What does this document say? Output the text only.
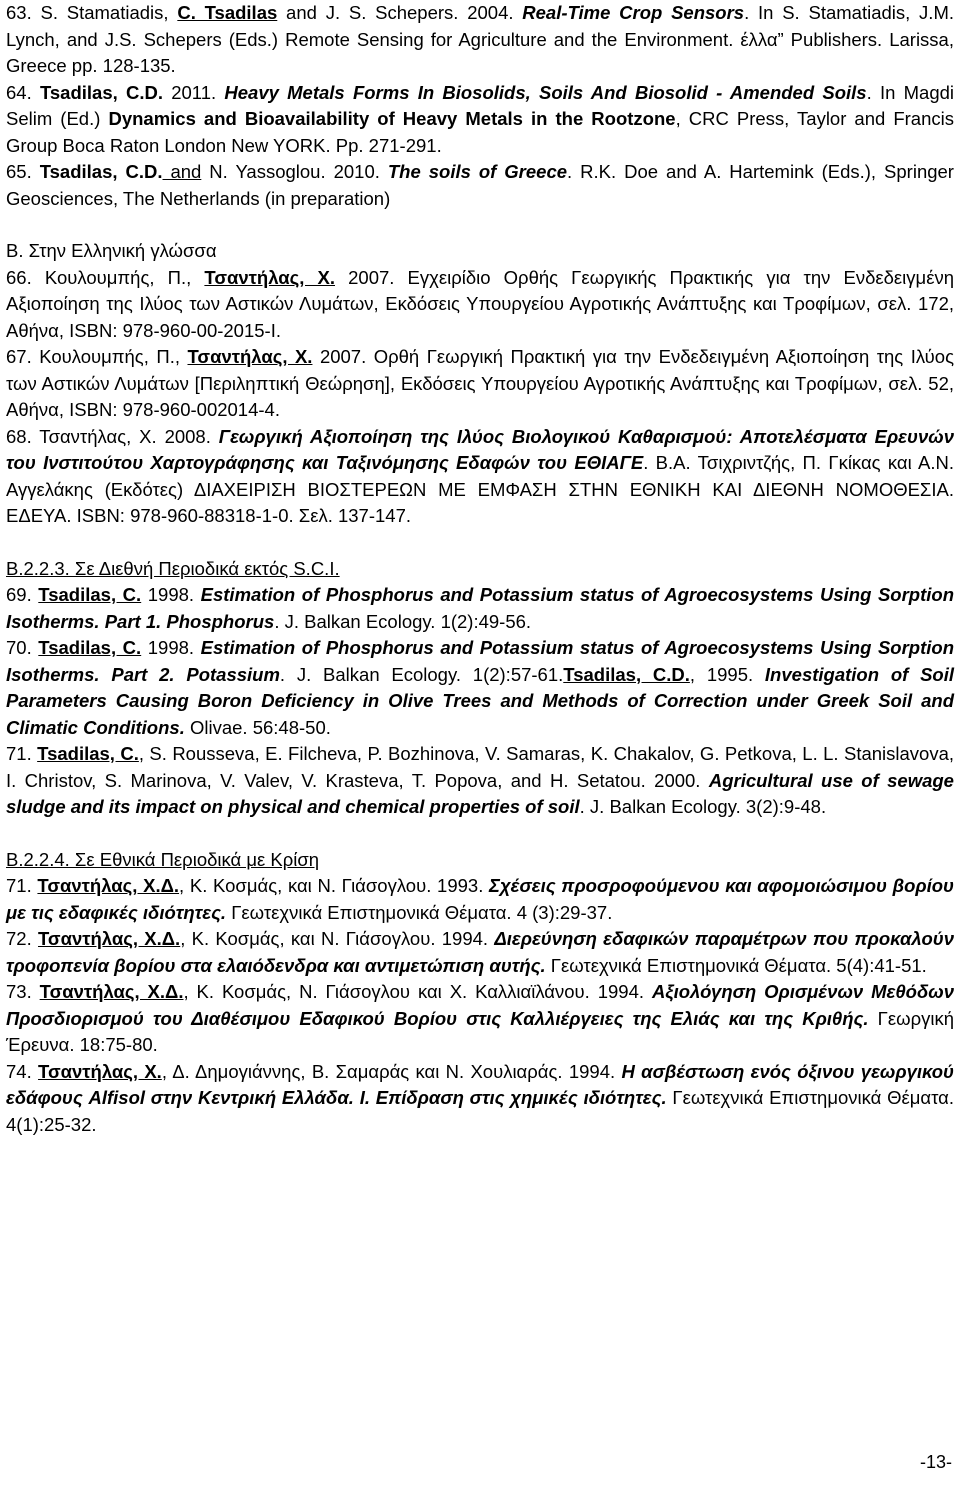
63. S. Stamatiadis, C. Tsadilas and J. S. Schepers. 2004. Real-Time Crop Sensors. In S. Stamatiadis, J.M. Lynch, and J.S. Schepers (Eds.) Remote Sensing for Agriculture and the Environment. έλλα” Publishers. Larissa, Greece pp. 128-135.

64. Tsadilas, C.D. 2011. Heavy Metals Forms In Biosolids, Soils And Biosolid - Amended Soils. In Magdi Selim (Ed.) Dynamics and Bioavailability of Heavy Metals in the Rootzone, CRC Press, Taylor and Francis Group Boca Raton London New YORK. Pp. 271-291.

65. Tsadilas, C.D. and N. Yassoglou. 2010. The soils of Greece. R.K. Doe and A. Hartemink (Eds.), Springer Geosciences, The Netherlands (in preparation)

Β. Στην Ελληνική γλώσσα

66. Κουλουμπής, Π., Τσαντήλας, Χ. 2007. Εγχειρίδιο Ορθής Γεωργικής Πρακτικής για την Ενδεδειγμένη Αξιοποίηση της Ιλύος των Αστικών Λυμάτων, Εκδόσεις Υπουργείου Αγροτικής Ανάπτυξης και Τροφίμων, σελ. 172, Αθήνα, ISBN: 978-960-00-2015-I.

67. Κουλουμπής, Π., Τσαντήλας, Χ. 2007. Ορθή Γεωργική Πρακτική για την Ενδεδειγμένη Αξιοποίηση της Ιλύος των Αστικών Λυμάτων [Περιληπτική Θεώρηση], Εκδόσεις Υπουργείου Αγροτικής Ανάπτυξης και Τροφίμων, σελ. 52, Αθήνα, ISBN: 978-960-002014-4.

68. Τσαντήλας, Χ. 2008. Γεωργική Αξιοποίηση της Ιλύος Βιολογικού Καθαρισμού: Αποτελέσματα Ερευνών του Ινστιτούτου Χαρτογράφησης και Ταξινόμησης Εδαφών του ΕΘΙΑΓΕ. Β.Α. Τσιχριντζής, Π. Γκίκας και Α.Ν. Αγγελάκης (Εκδότες) ΔΙΑΧΕΙΡΙΣΗ ΒΙΟΣΤΕΡΕΩΝ ΜΕ ΕΜΦΑΣΗ ΣΤΗΝ ΕΘΝΙΚΗ ΚΑΙ ΔΙΕΘΝΗ ΝΟΜΟΘΕΣΙΑ. ΕΔΕΥΑ. ISBN: 978-960-88318-1-0. Σελ. 137-147.

Β.2.2.3. Σε Διεθνή Περιοδικά εκτός S.C.I.

69. Tsadilas, C. 1998. Estimation of Phosphorus and Potassium status of Agroecosystems Using Sorption Isotherms. Part 1. Phosphorus. J. Balkan Ecology. 1(2):49-56.

70. Tsadilas, C. 1998. Estimation of Phosphorus and Potassium status of Agroecosystems Using Sorption Isotherms. Part 2. Potassium. J. Balkan Ecology. 1(2):57-61.Tsadilas, C.D., 1995. Investigation of Soil Parameters Causing Boron Deficiency in Olive Trees and Methods of Correction under Greek Soil and Climatic Conditions. Olivae. 56:48-50.

71. Tsadilas, C., S. Rousseva, E. Filcheva, P. Bozhinova, V. Samaras, K. Chakalov, G. Petkova, L. L. Stanislavova, I. Christov, S. Marinova, V. Valev, V. Krasteva, T. Popova, and H. Setatou. 2000. Agricultural use of sewage sludge and its impact on physical and chemical properties of soil. J. Balkan Ecology. 3(2):9-48.

Β.2.2.4. Σε Εθνικά Περιοδικά με Κρίση

71. Τσαντήλας, Χ.Δ., Κ. Κοσμάς, και Ν. Γιάσογλου. 1993. Σχέσεις προσροφούμενου και αφομοιώσιμου βορίου με τις εδαφικές ιδιότητες. Γεωτεχνικά Επιστημονικά Θέματα. 4 (3):29-37.

72. Τσαντήλας, Χ.Δ., Κ. Κοσμάς, και Ν. Γιάσογλου. 1994. Διερεύνηση εδαφικών παραμέτρων που προκαλούν τροφοπενία βορίου στα ελαιόδενδρα και αντιμετώπιση αυτής. Γεωτεχνικά Επιστημονικά Θέματα. 5(4):41-51.

73. Τσαντήλας, Χ.Δ., Κ. Κοσμάς, Ν. Γιάσογλου και Χ. Καλλιαϊλάνου. 1994. Αξιολόγηση Ορισμένων Μεθόδων Προσδιορισμού του Διαθέσιμου Εδαφικού Βορίου στις Καλλιέργειες της Ελιάς και της Κριθής. Γεωργική Έρευνα. 18:75-80.

74. Τσαντήλας, Χ., Δ. Δημογιάννης, Β. Σαμαράς και Ν. Χουλιαράς. 1994. Η ασβέστωση ενός όξινου γεωργικού εδάφους Alfisol στην Κεντρική Ελλάδα. Ι. Επίδραση στις χημικές ιδιότητες. Γεωτεχνικά Επιστημονικά Θέματα. 4(1):25-32.

-13-
